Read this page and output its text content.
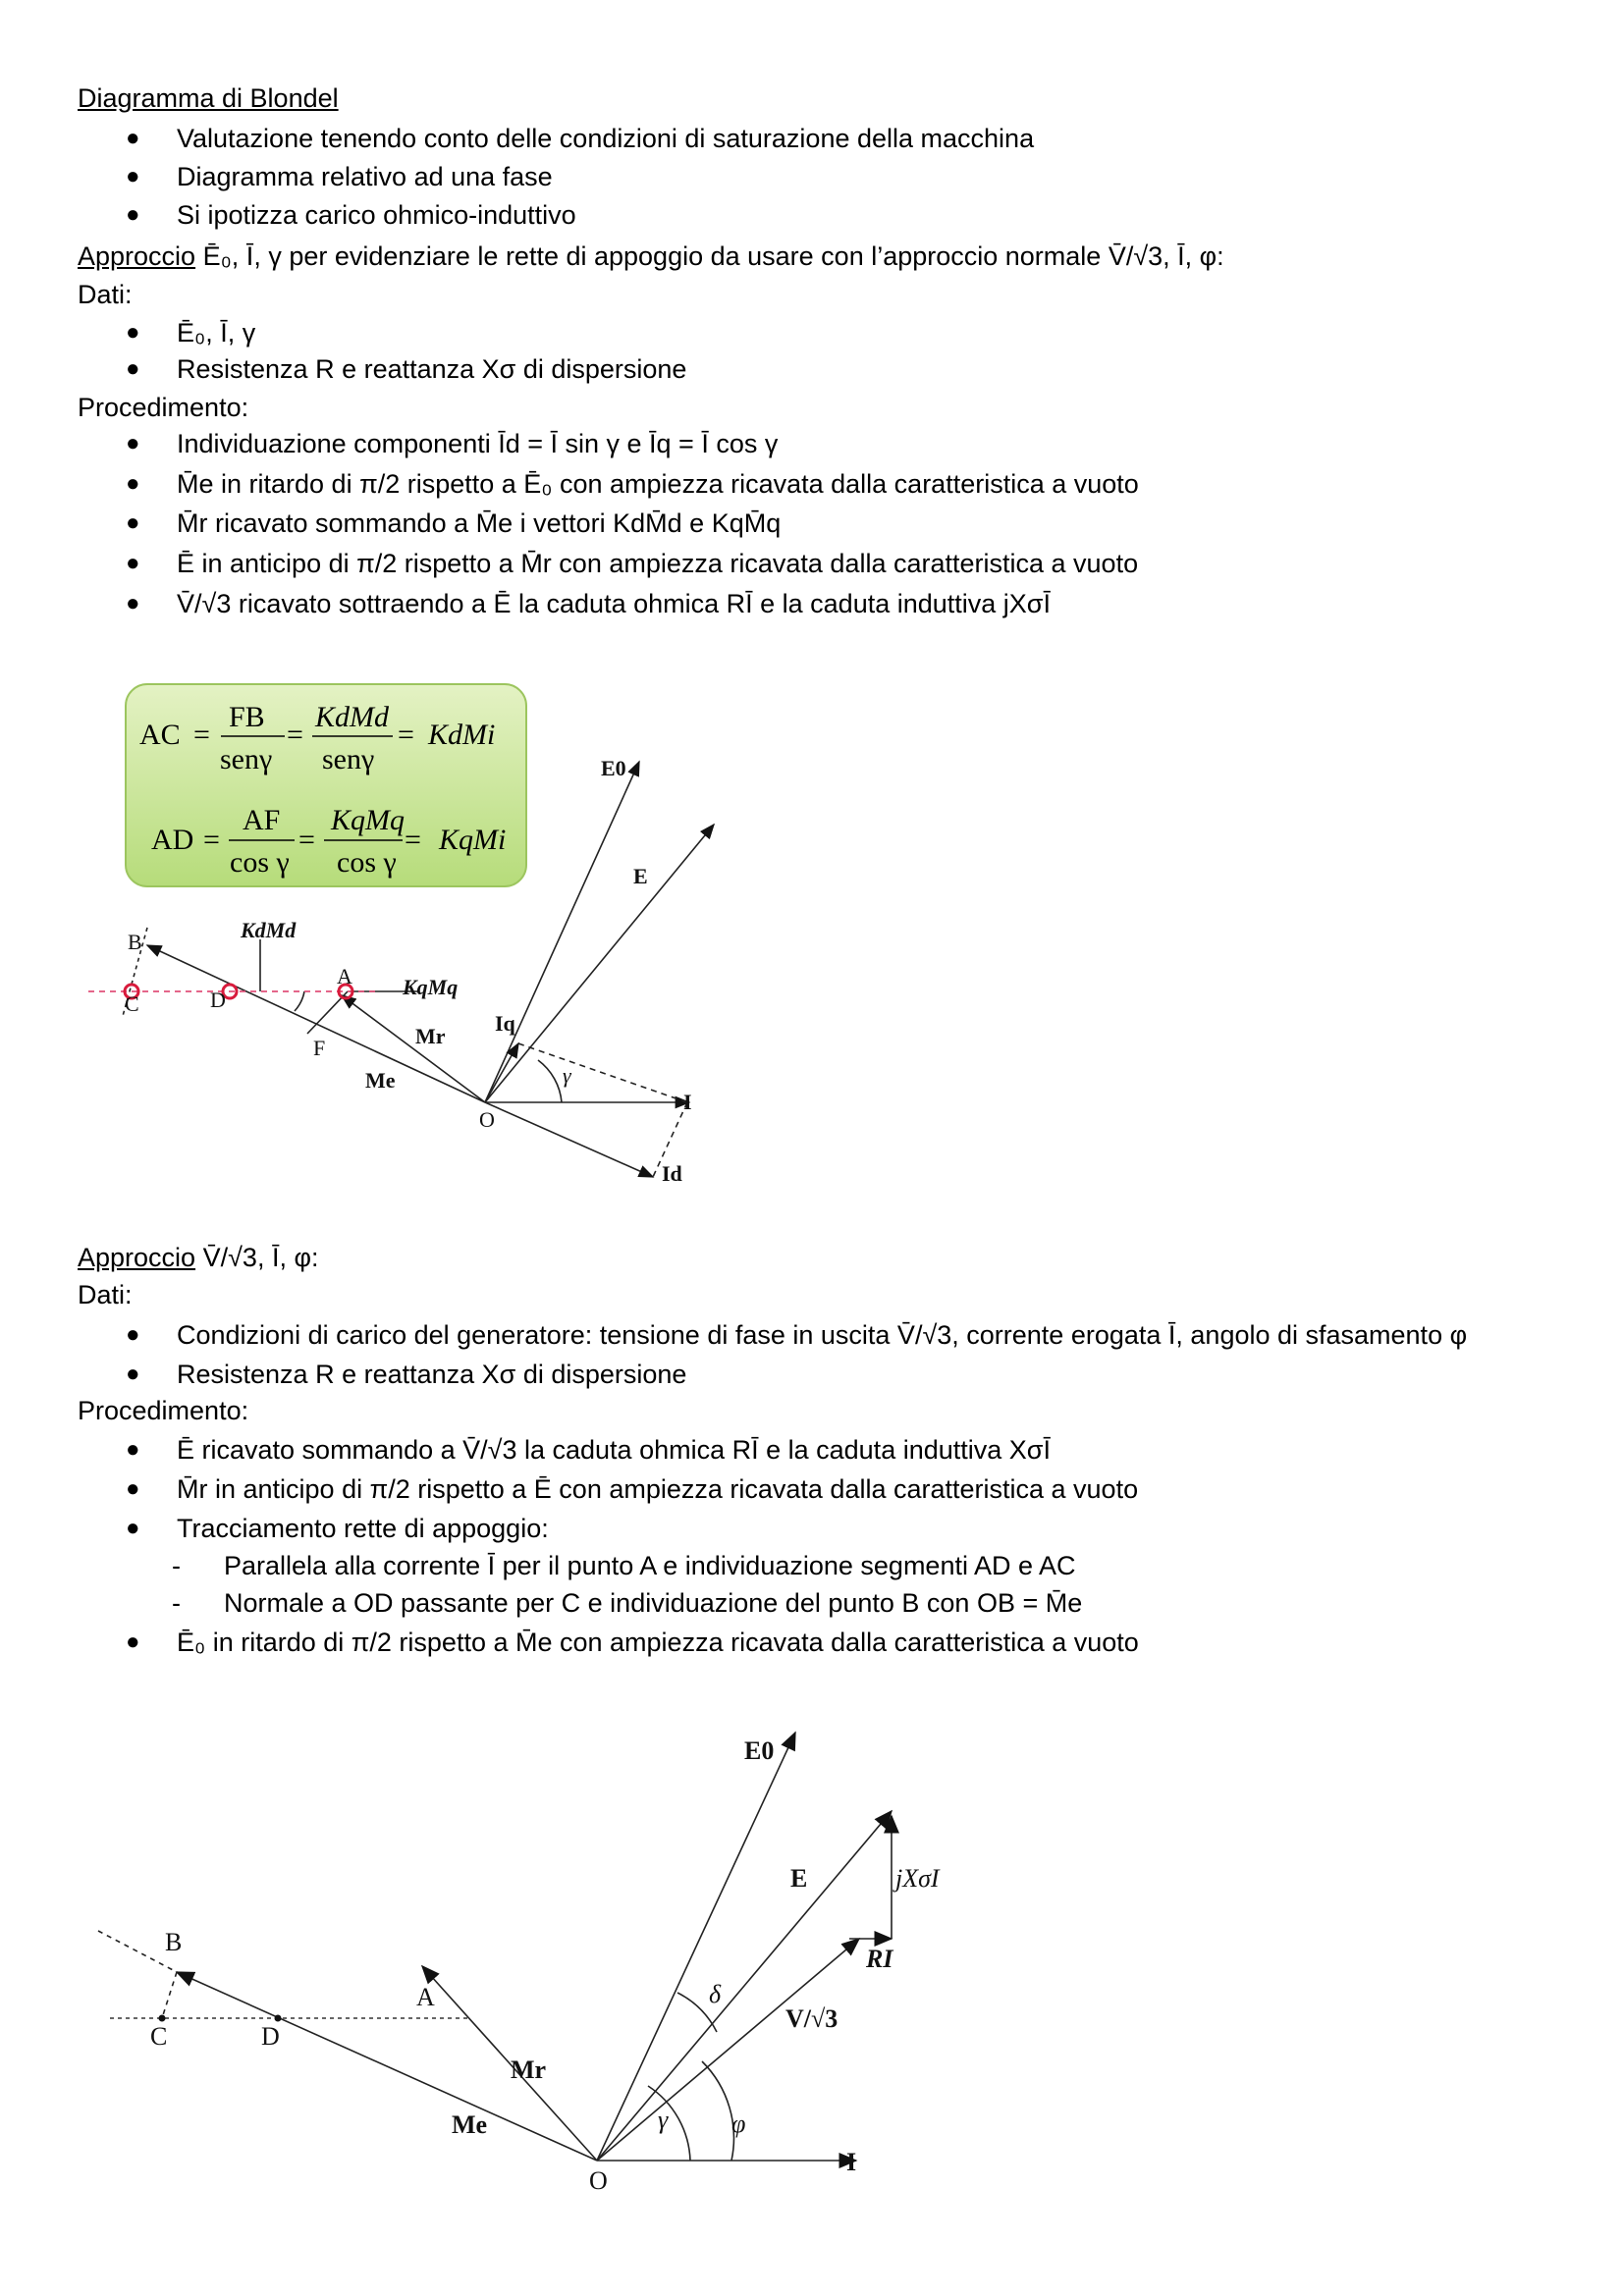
Diagramma di Blondel
● Valutazione tenendo conto delle condizioni di saturazione della macchina
● Diagramma relativo ad una fase
● Si ipotizza carico ohmico-induttivo
Approccio Ē₀, Ī, γ per evidenziare le rette di appoggio da usare con l’approccio normale V̄/√3, Ī, φ:
Dati:
● Ē₀, Ī, γ
● Resistenza R e reattanza Xσ di dispersione
Procedimento:
● Individuazione componenti Īd = Ī sin γ e Īq = Ī cos γ
● M̄e in ritardo di π/2 rispetto a Ē₀ con ampiezza ricavata dalla caratteristica a vuoto
● M̄r ricavato sommando a M̄e i vettori KdM̄d e KqM̄q
● Ē in anticipo di π/2 rispetto a M̄r con ampiezza ricavata dalla caratteristica a vuoto
● V̄/√3 ricavato sottraendo a Ē la caduta ohmica RĪ e la caduta induttiva jXσĪ
AC =
FB
senγ
=
KdMd
senγ
= KdMi
AD =
AF
cos γ
=
KqMq
cos γ
= KqMi
E0
E
B
C	D
A
F
O
KdMd
KqMq
Mr
Me
Iq
I
Id
γ
Approccio V̄/√3, Ī, φ:
Dati:
● Condizioni di carico del generatore: tensione di fase in uscita V̄/√3, corrente erogata Ī, angolo di sfasamento φ
● Resistenza R e reattanza Xσ di dispersione
Procedimento:
● Ē ricavato sommando a V̄/√3 la caduta ohmica RĪ e la caduta induttiva XσĪ
● M̄r in anticipo di π/2 rispetto a Ē con ampiezza ricavata dalla caratteristica a vuoto
● Tracciamento rette di appoggio:
- Parallela alla corrente Ī per il punto A e individuazione segmenti AD e AC
- Normale a OD passante per C e individuazione del punto B con OB = M̄e
● Ē₀ in ritardo di π/2 rispetto a M̄e con ampiezza ricavata dalla caratteristica a vuoto
E0
E	jXσI
RI
B
C	D
A	δ
V/√3
Mr
Me	γ φ
O
I
